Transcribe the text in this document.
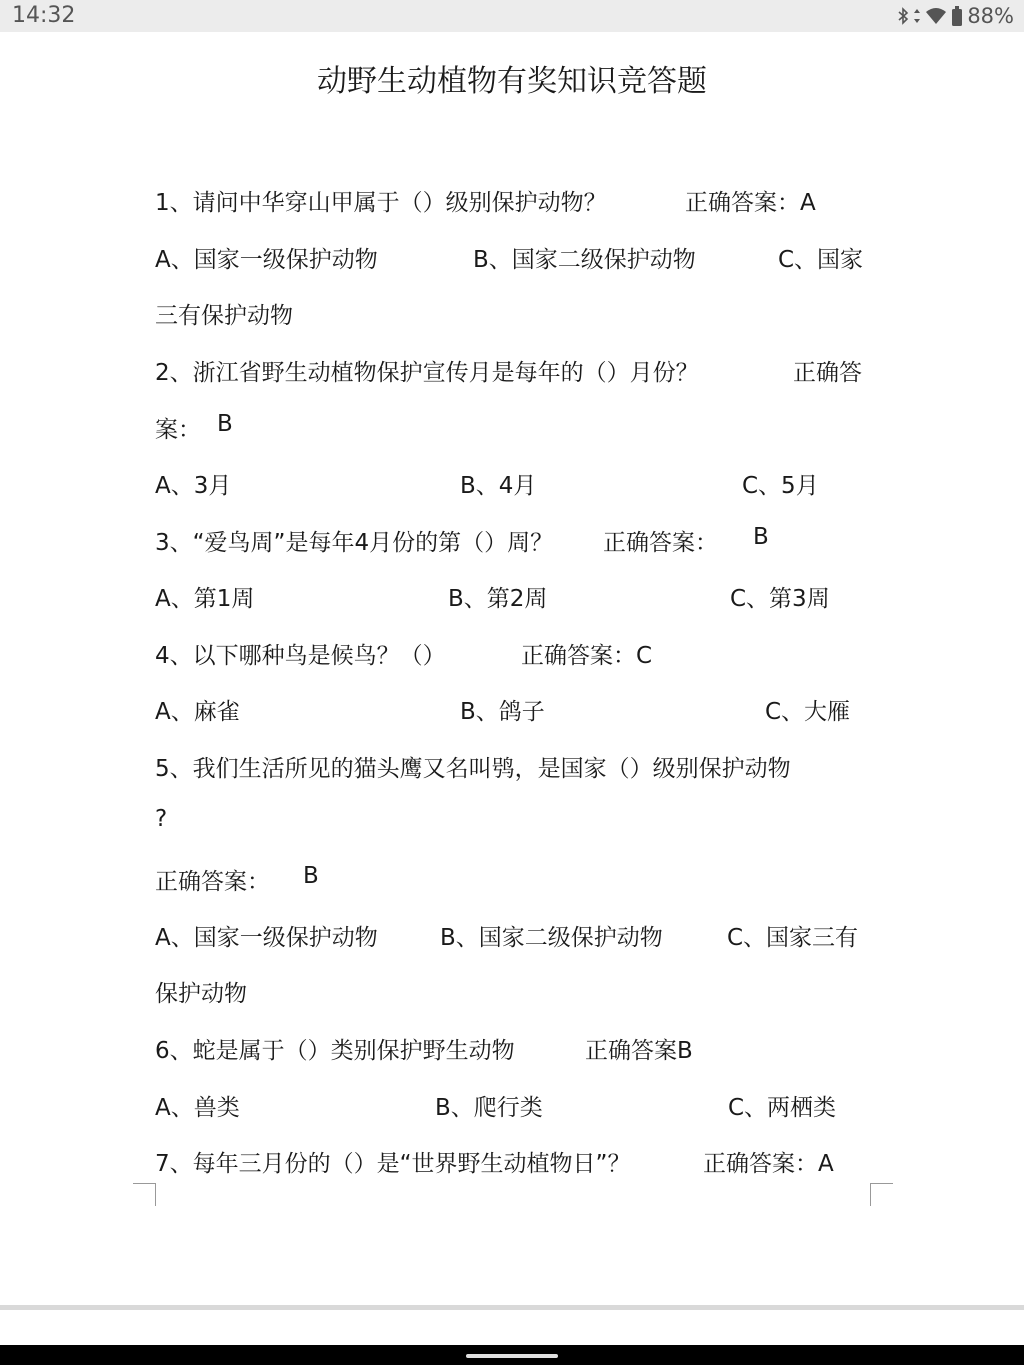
14:32	88%
动野生动植物有奖知识竞答题
1、请问中华穿山甲属于（）级别保护动物？	正确答案：A
A、国家一级保护动物	B、国家二级保护动物	C、国家
三有保护动物
2、浙江省野生动植物保护宣传月是每年的（）月份？	正确答
案： B
A、3月	B、4月	C、5月
3、“爱鸟周”是每年4月份的第（）周？ 正确答案： B
A、第1周	B、第2周	C、第3周
4、以下哪种鸟是候鸟？（）	正确答案：C
A、麻雀	B、鸽子	C、大雁
5、我们生活所见的猫头鹰又名叫鸮，是国家（）级别保护动物
?
正确答案： B
A、国家一级保护动物	B、国家二级保护动物	C、国家三有
保护动物
6、蛇是属于（）类别保护野生动物	正确答案B
A、兽类	B、爬行类	C、两栖类
7、每年三月份的（）是“世界野生动植物日”？	正确答案：A
